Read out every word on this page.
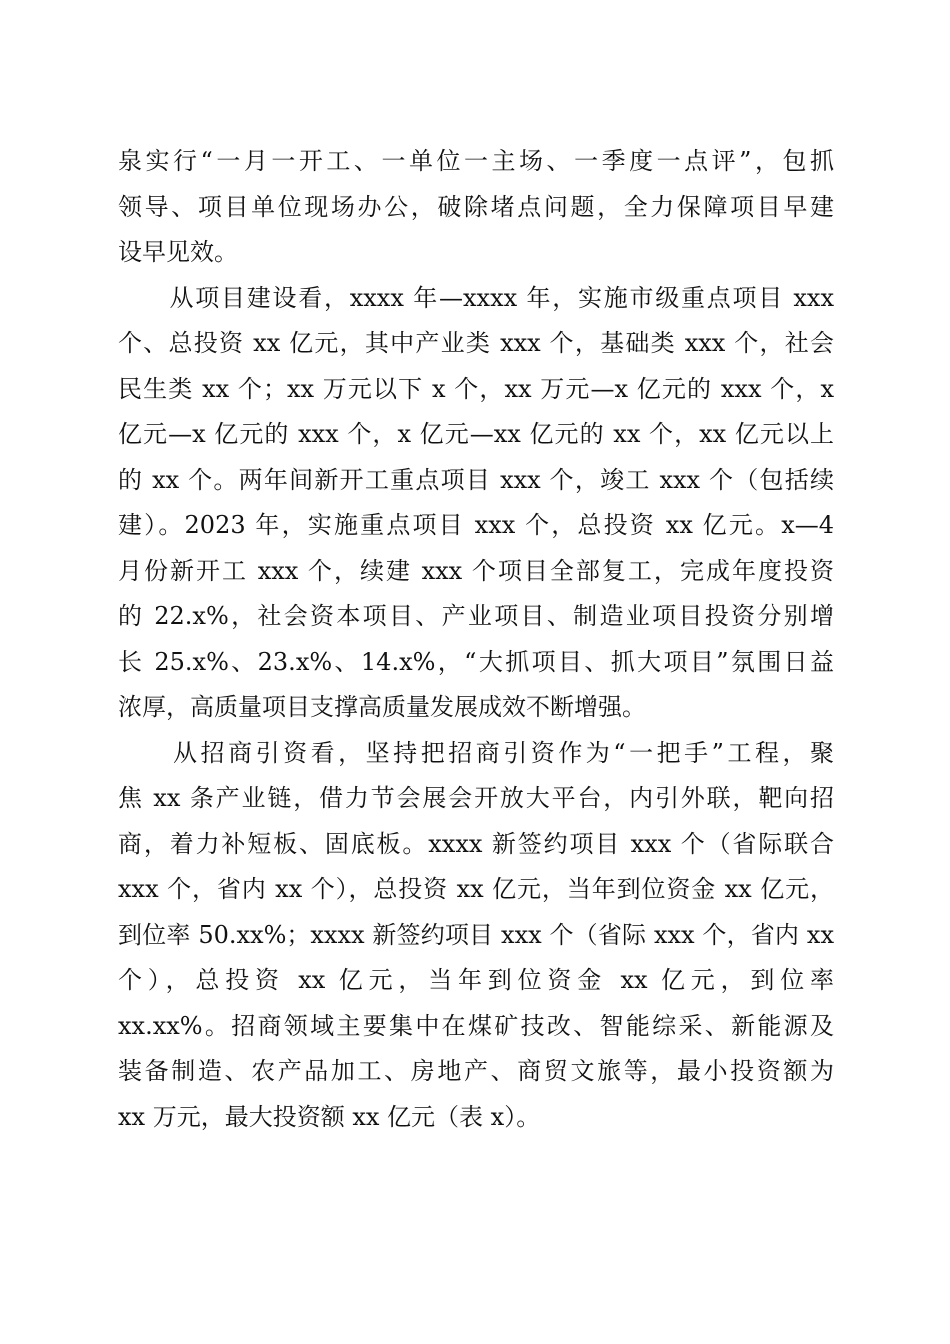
泉实行“一月一开工、一单位一主场、一季度一点评”，包抓
领导、项目单位现场办公，破除堵点问题，全力保障项目早建
设早见效。
　　从项目建设看，xxxx 年—xxxx 年，实施市级重点项目 xxx
个、总投资 xx 亿元，其中产业类 xxx 个，基础类 xxx 个，社会
民生类 xx 个；xx 万元以下 x 个，xx 万元—x 亿元的 xxx 个，x
亿元—x 亿元的 xxx 个，x 亿元—xx 亿元的 xx 个，xx 亿元以上
的 xx 个。两年间新开工重点项目 xxx 个，竣工 xxx 个（包括续
建）。2023 年，实施重点项目 xxx 个，总投资 xx 亿元。x—4
月份新开工 xxx 个，续建 xxx 个项目全部复工，完成年度投资
的 22.x%，社会资本项目、产业项目、制造业项目投资分别增
长 25.x%、23.x%、14.x%，“大抓项目、抓大项目”氛围日益
浓厚，高质量项目支撑高质量发展成效不断增强。
　　从招商引资看，坚持把招商引资作为“一把手”工程，聚
焦 xx 条产业链，借力节会展会开放大平台，内引外联，靶向招
商，着力补短板、固底板。xxxx 新签约项目 xxx 个（省际联合
xxx 个，省内 xx 个），总投资 xx 亿元，当年到位资金 xx 亿元，
到位率 50.xx%；xxxx 新签约项目 xxx 个（省际 xxx 个，省内 xx
个），总投资 xx 亿元，当年到位资金 xx 亿元，到位率
xx.xx%。招商领域主要集中在煤矿技改、智能综采、新能源及
装备制造、农产品加工、房地产、商贸文旅等，最小投资额为
xx 万元，最大投资额 xx 亿元（表 x）。
